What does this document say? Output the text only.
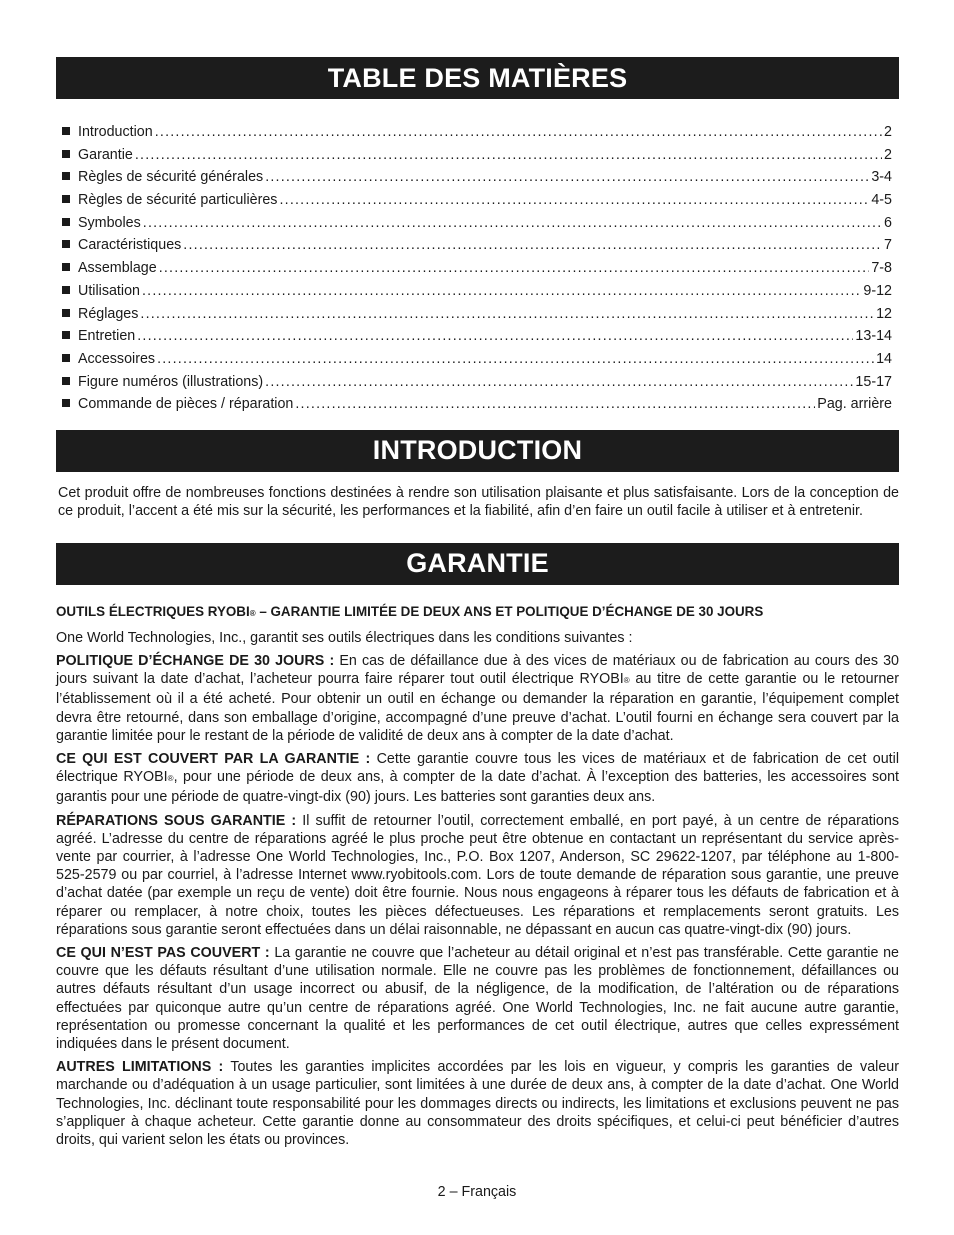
TABLE DES MATIÈRES
Introduction .....	2
Garantie .....	2
Règles de sécurité générales .....	3-4
Règles de sécurité particulières .....	4-5
Symboles .....	6
Caractéristiques .....	7
Assemblage .....	7-8
Utilisation .....	9-12
Réglages .....	12
Entretien .....	13-14
Accessoires .....	14
Figure numéros (illustrations) .....	15-17
Commande de pièces / réparation .....	Pag. arrière
INTRODUCTION

Cet produit offre de nombreuses fonctions destinées à rendre son utilisation plaisante et plus satisfaisante. Lors de la conception de ce produit, l’accent a été mis sur la sécurité, les performances et la fiabilité, afin d’en faire un outil facile à utiliser et à entretenir.

GARANTIE

OUTILS ÉLECTRIQUES RYOBI® – GARANTIE LIMITÉE DE DEUX ANS ET POLITIQUE D’ÉCHANGE DE 30 JOURS

One World Technologies, Inc., garantit ses outils électriques dans les conditions suivantes :

POLITIQUE D’ÉCHANGE DE 30 JOURS : En cas de défaillance due à des vices de matériaux ou de fabrication au cours des 30 jours suivant la date d’achat, l’acheteur pourra faire réparer tout outil électrique RYOBI® au titre de cette garantie ou le retourner l’établissement où il a été acheté. Pour obtenir un outil en échange ou demander la réparation en garantie, l’équipement complet devra être retourné, dans son emballage d’origine, accompagné d’une preuve d’achat. L’outil fourni en échange sera couvert par la garantie limitée pour le restant de la période de validité de deux ans à compter de la date d’achat.

CE QUI EST COUVERT PAR LA GARANTIE : Cette garantie couvre tous les vices de matériaux et de fabrication de cet outil électrique RYOBI®, pour une période de deux ans, à compter de la date d’achat. À l’exception des batteries, les accessoires sont garantis pour une période de quatre-vingt-dix (90) jours. Les batteries sont garanties deux ans.

RÉPARATIONS SOUS GARANTIE : Il suffit de retourner l’outil, correctement emballé, en port payé, à un centre de réparations agréé. L’adresse du centre de réparations agréé le plus proche peut être obtenue en contactant un représentant du service après-vente par courrier, à l’adresse One World Technologies, Inc., P.O. Box 1207, Anderson, SC 29622-1207, par téléphone au 1-800-525-2579 ou par courriel, à l’adresse Internet www.ryobitools.com. Lors de toute demande de réparation sous garantie, une preuve d’achat datée (par exemple un reçu de vente) doit être fournie. Nous nous engageons à réparer tous les défauts de fabrication et à réparer ou remplacer, à notre choix, toutes les pièces défectueuses. Les réparations et remplacements seront gratuits. Les réparations sous garantie seront effectuées dans un délai raisonnable, ne dépassant en aucun cas quatre-vingt-dix (90) jours.

CE QUI N’EST PAS COUVERT : La garantie ne couvre que l’acheteur au détail original et n’est pas transférable. Cette garantie ne couvre que les défauts résultant d’une utilisation normale. Elle ne couvre pas les problèmes de fonctionnement, défaillances ou autres défauts résultant d’un usage incorrect ou abusif, de la négligence, de la modification, de l’altération ou de réparations effectuées par quiconque autre qu’un centre de réparations agréé. One World Technologies, Inc. ne fait aucune autre garantie, représentation ou promesse concernant la qualité et les performances de cet outil électrique, autres que celles expressément indiquées dans le présent document.

AUTRES LIMITATIONS : Toutes les garanties implicites accordées par les lois en vigueur, y compris les garanties de valeur marchande ou d’adéquation à un usage particulier, sont limitées à une durée de deux ans, à compter de la date d’achat. One World Technologies, Inc. déclinant toute responsabilité pour les dommages directs ou indirects, les limitations et exclusions peuvent ne pas s’appliquer à chaque acheteur. Cette garantie donne au consommateur des droits spécifiques, et celui-ci peut bénéficier d’autres droits, qui varient selon les états ou provinces.

2 – Français
